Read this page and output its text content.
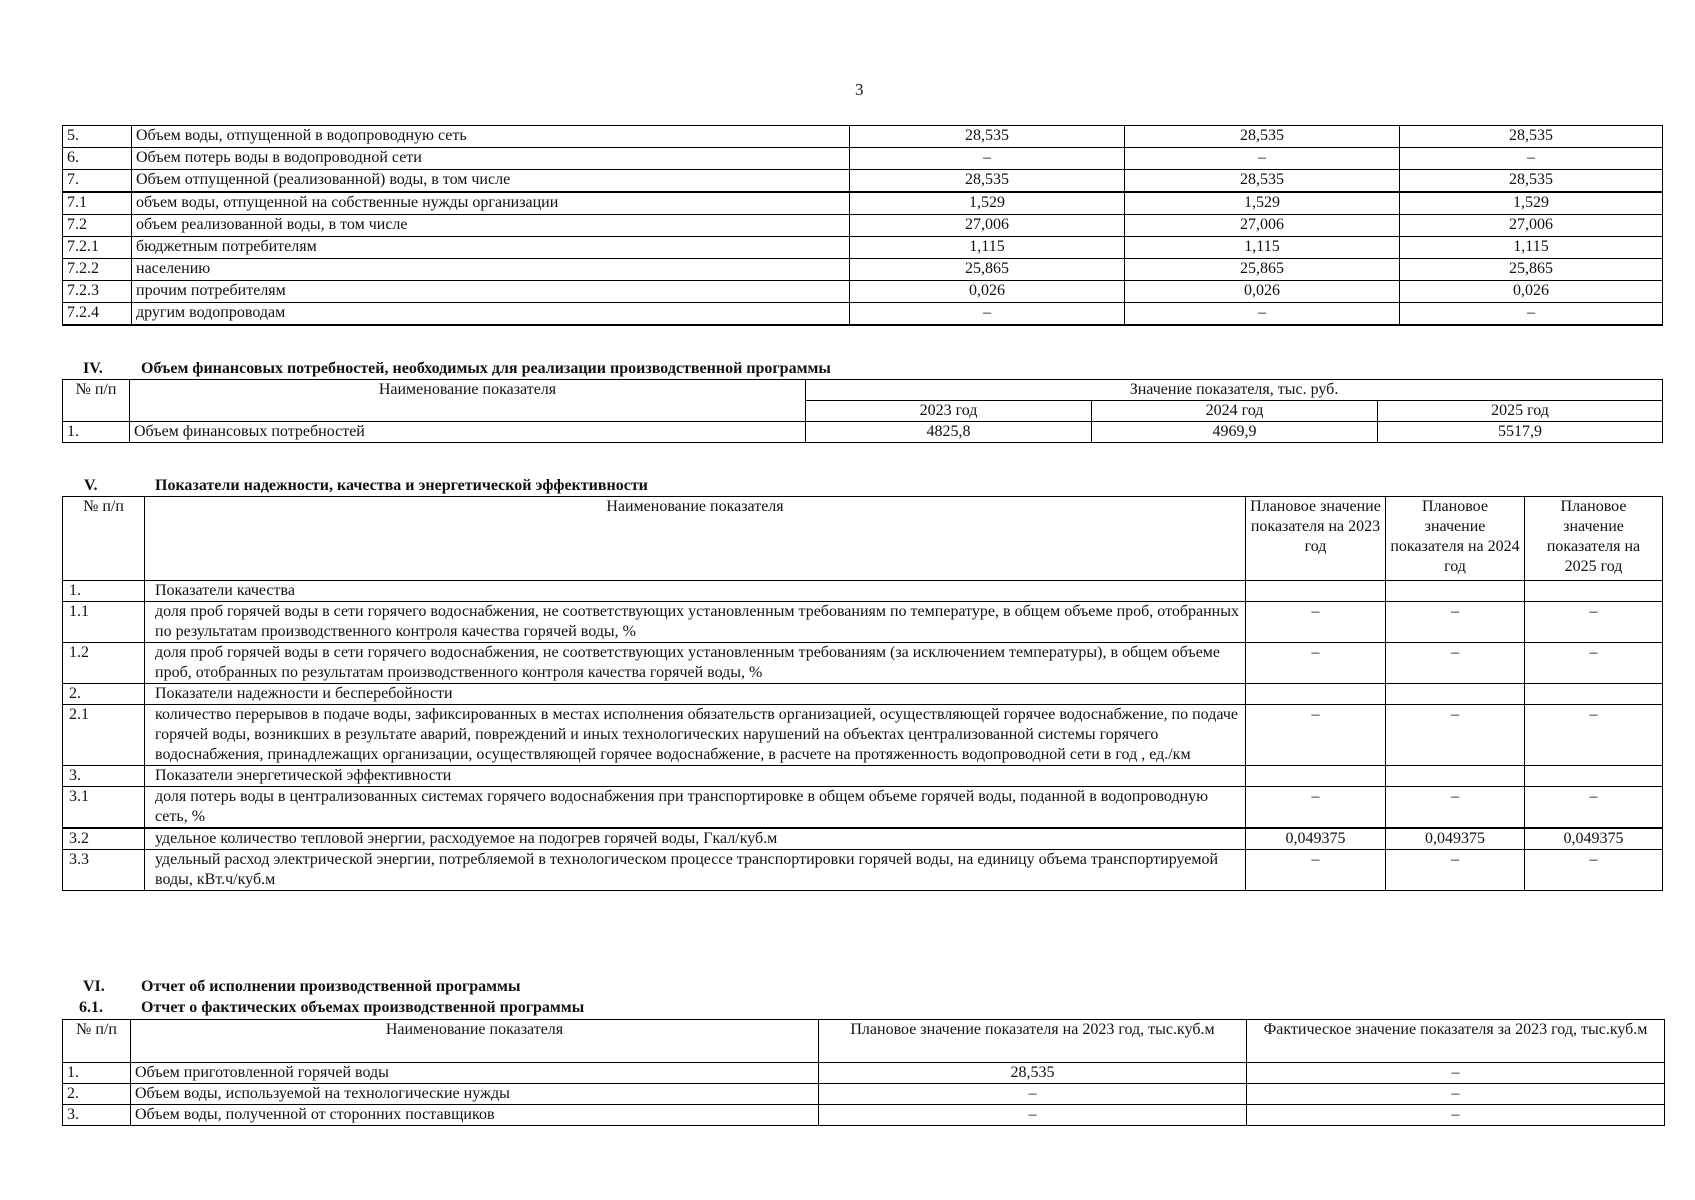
3
5.	Объем воды, отпущенной в водопроводную сеть	28,535	28,535	28,535
6.	Объем потерь воды в водопроводной сети	–	–	–
7.	Объем отпущенной (реализованной) воды, в том числе	28,535	28,535	28,535
7.1	объем воды, отпущенной на собственные нужды организации	1,529	1,529	1,529
7.2	объем реализованной воды, в том числе	27,006	27,006	27,006
7.2.1	бюджетным потребителям	1,115	1,115	1,115
7.2.2	населению	25,865	25,865	25,865
7.2.3	прочим потребителям	0,026	0,026	0,026
7.2.4	другим водопроводам	–	–	–
IV. Объем финансовых потребностей, необходимых для реализации производственной программы
№ п/п	Наименование показателя	Значение показателя, тыс. руб.		
		2023 год	2024 год	2025 год
1.	Объем финансовых потребностей	4825,8	4969,9	5517,9
V.	Показатели надежности, качества и энергетической эффективности
№ п/п	Наименование показателя	Плановое значение показателя на 2023 год	Плановое значение показателя на 2024 год	Плановое значение показателя на 2025 год
1.	Показатели качества			
1.1	доля проб горячей воды в сети горячего водоснабжения, не соответствующих установленным требованиям по температуре, в общем объеме проб, отобранных по результатам производственного контроля качества горячей воды, %	–	–	–
1.2	доля проб горячей воды в сети горячего водоснабжения, не соответствующих установленным требованиям (за исключением температуры), в общем объеме проб, отобранных по результатам производственного контроля качества горячей воды, %	–	–	–
2.	Показатели надежности и бесперебойности			
2.1	количество перерывов в подаче воды, зафиксированных в местах исполнения обязательств организацией, осуществляющей горячее водоснабжение, по подаче горячей воды, возникших в результате аварий, повреждений и иных технологических нарушений на объектах централизованной системы горячего водоснабжения, принадлежащих организации, осуществляющей горячее водоснабжение, в расчете на протяженность водопроводной сети в год , ед./км	–	–	–
3.	Показатели энергетической эффективности			
3.1	доля потерь воды в централизованных системах горячего водоснабжения при транспортировке в общем объеме горячей воды, поданной в водопроводную сеть, %	–	–	–
3.2	удельное количество тепловой энергии, расходуемое на подогрев горячей воды, Гкал/куб.м	0,049375	0,049375	0,049375
3.3	удельный расход электрической энергии, потребляемой в технологическом процессе транспортировки горячей воды, на единицу объема транспортируемой воды, кВт.ч/куб.м	–	–	–
VI. Отчет об исполнении производственной программы
6.1. Отчет о фактических объемах производственной программы
№ п/п	Наименование показателя	Плановое значение показателя на 2023 год, тыс.куб.м	Фактическое значение показателя за 2023 год, тыс.куб.м
1.	Объем приготовленной горячей воды	28,535	–
2.	Объем воды, используемой на технологические нужды	–	–
3.	Объем воды, полученной от сторонних поставщиков	–	–
